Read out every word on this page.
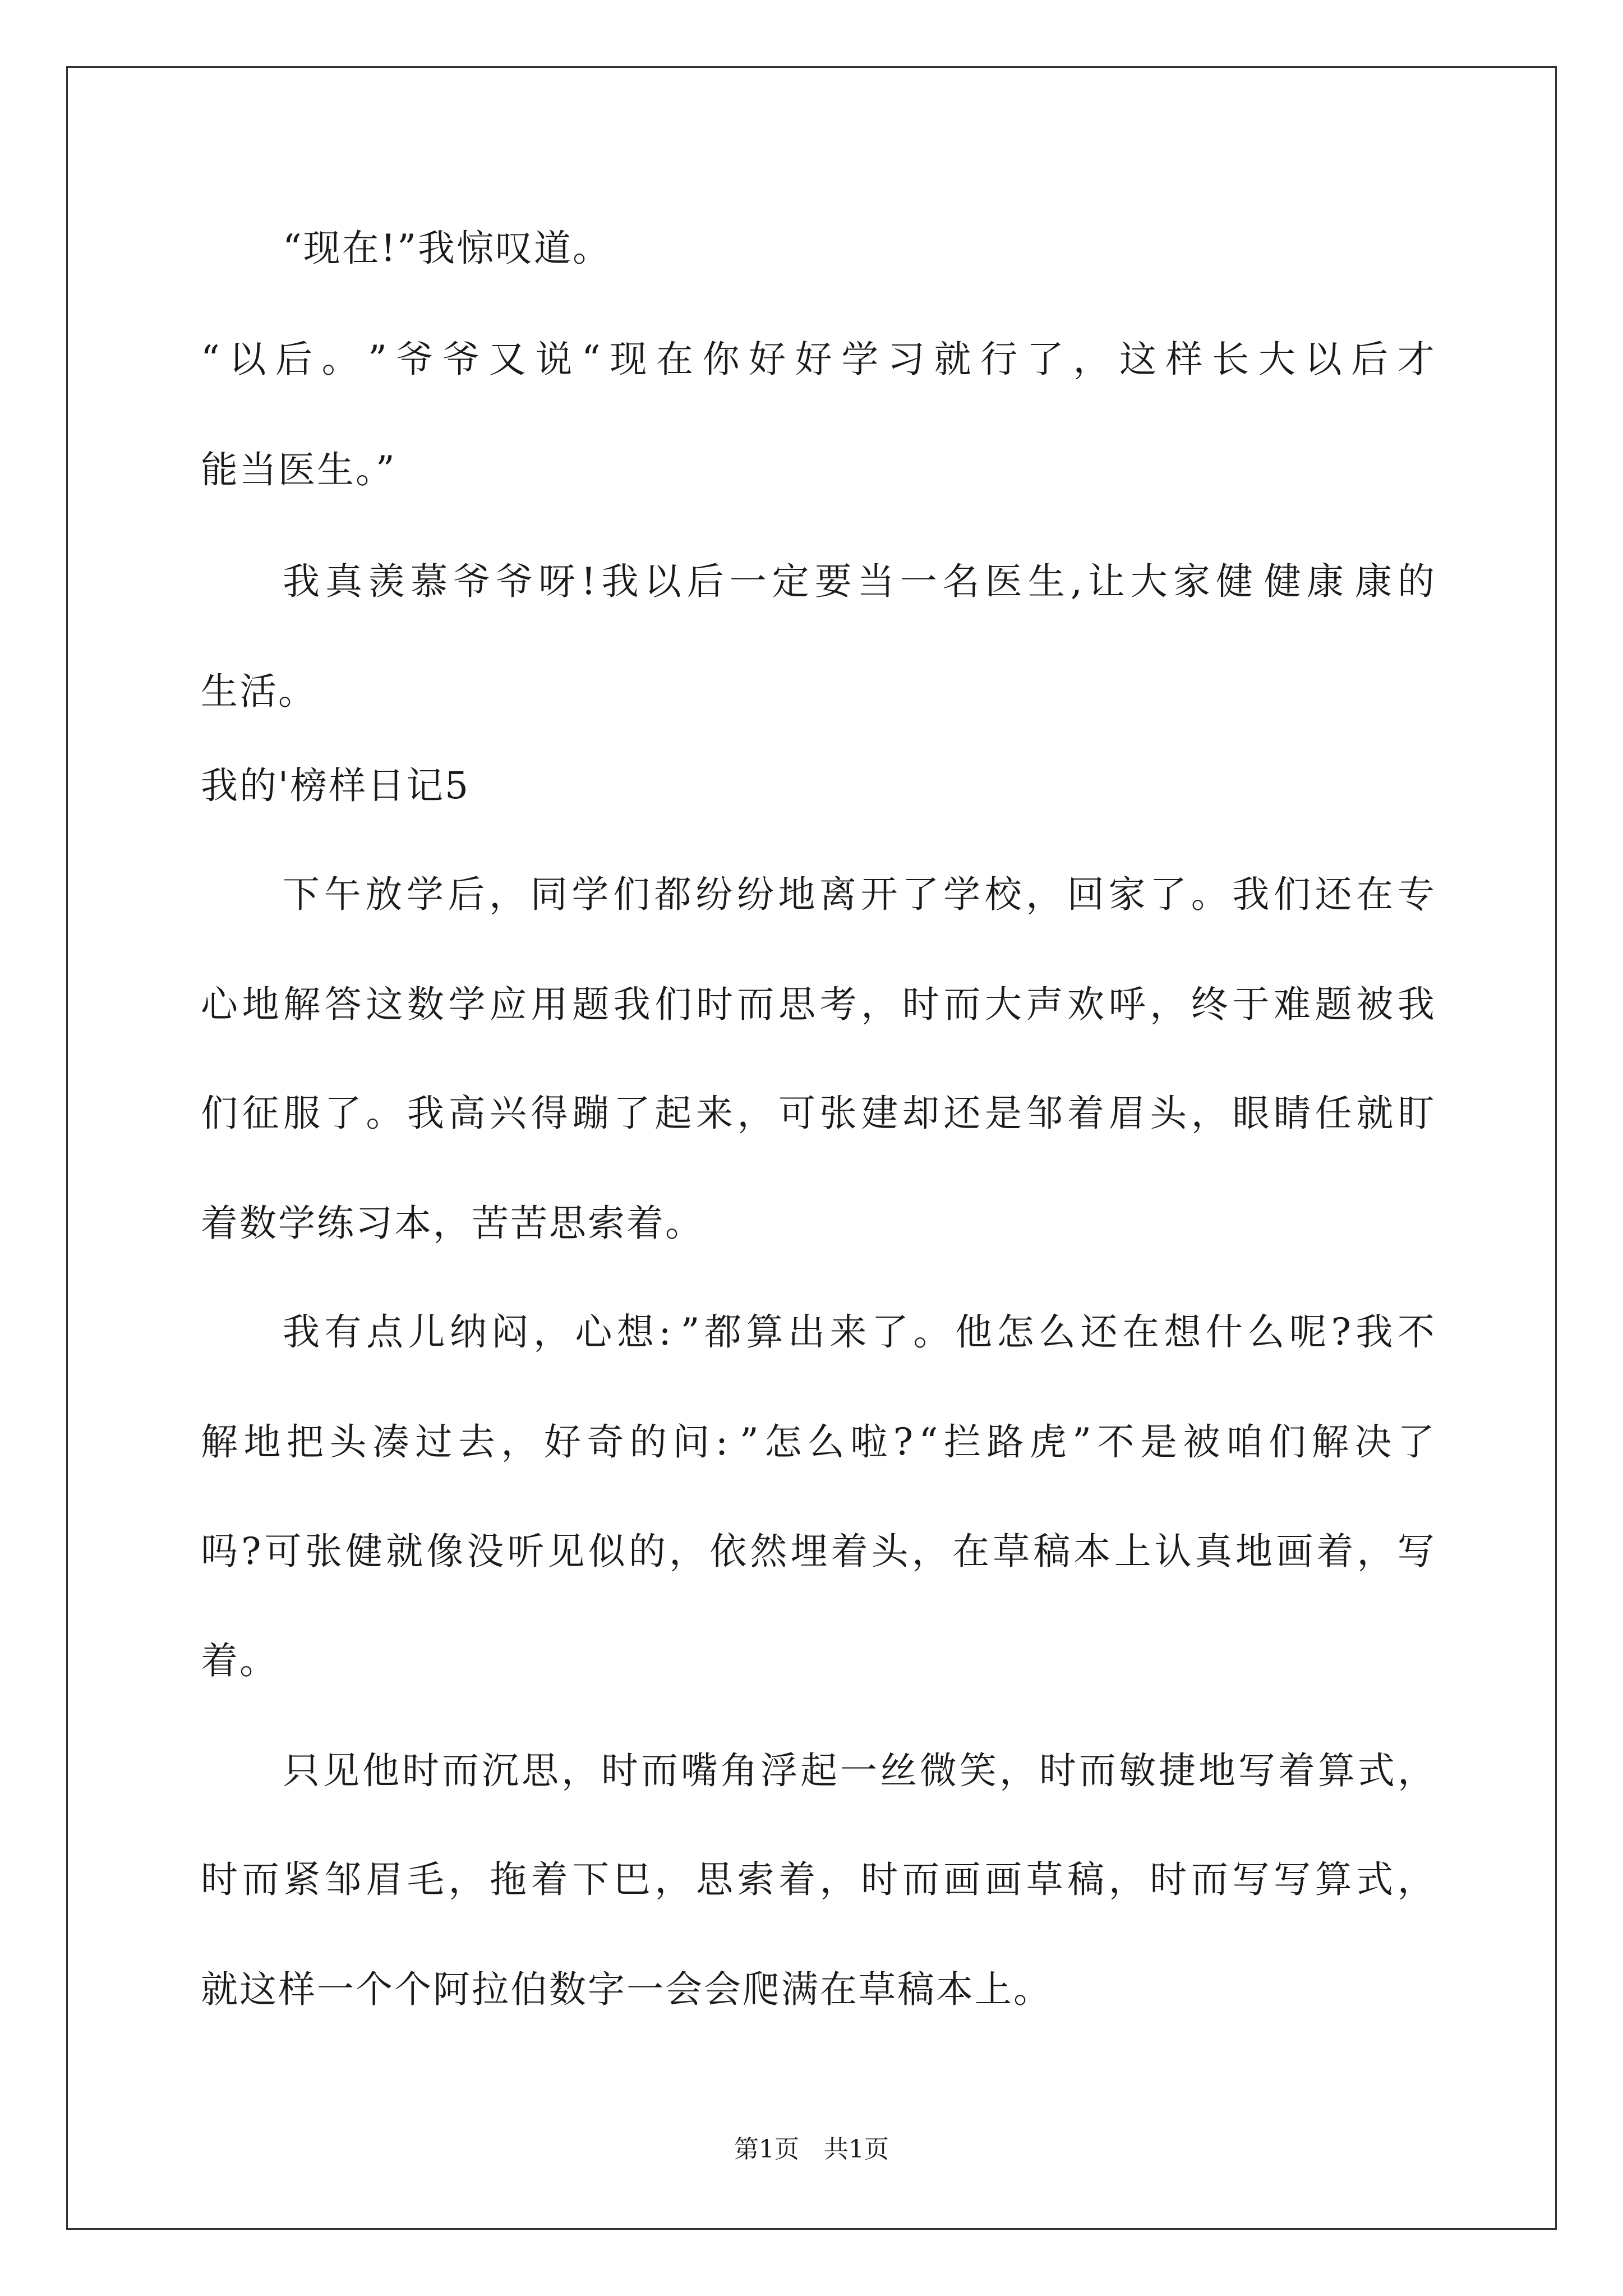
“现在!”我惊叹道。
“ 以 后 。 ” 爷 爷 又 说 “ 现 在 你 好 好 学 习 就 行 了 ， 这 样 长 大 以 后 才
能当医生。”
我 真 羡 慕 爷 爷 呀 ! 我 以 后 一 定 要 当 一 名 医 生 , 让 大 家 健 健 康 康 的
生活。
我的'榜样日记5
下 午 放 学 后 ， 同 学 们 都 纷 纷 地 离 开 了 学 校 ， 回 家 了 。 我 们 还 在 专
心 地 解 答 这 数 学 应 用 题 我 们 时 而 思 考 ， 时 而 大 声 欢 呼 ， 终 于 难 题 被 我
们 征 服 了 。 我 高 兴 得 蹦 了 起 来 ， 可 张 建 却 还 是 邹 着 眉 头 ， 眼 睛 任 就 盯
着数学练习本，苦苦思索着。
我 有 点 儿 纳 闷 ， 心 想 : ” 都 算 出 来 了 。 他 怎 么 还 在 想 什 么 呢 ? 我 不
解 地 把 头 凑 过 去 ， 好 奇 的 问 : ” 怎 么 啦 ? “ 拦 路 虎 ” 不 是 被 咱 们 解 决 了
吗 ? 可 张 健 就 像 没 听 见 似 的 ， 依 然 埋 着 头 ， 在 草 稿 本 上 认 真 地 画 着 ， 写
着。
只 见 他 时 而 沉 思 ， 时 而 嘴 角 浮 起 一 丝 微 笑 ， 时 而 敏 捷 地 写 着 算 式 ，
时 而 紧 邹 眉 毛 ， 拖 着 下 巴 ， 思 索 着 ， 时 而 画 画 草 稿 ， 时 而 写 写 算 式 ，
就这样一个个阿拉伯数字一会会爬满在草稿本上。
第1页　共1页
